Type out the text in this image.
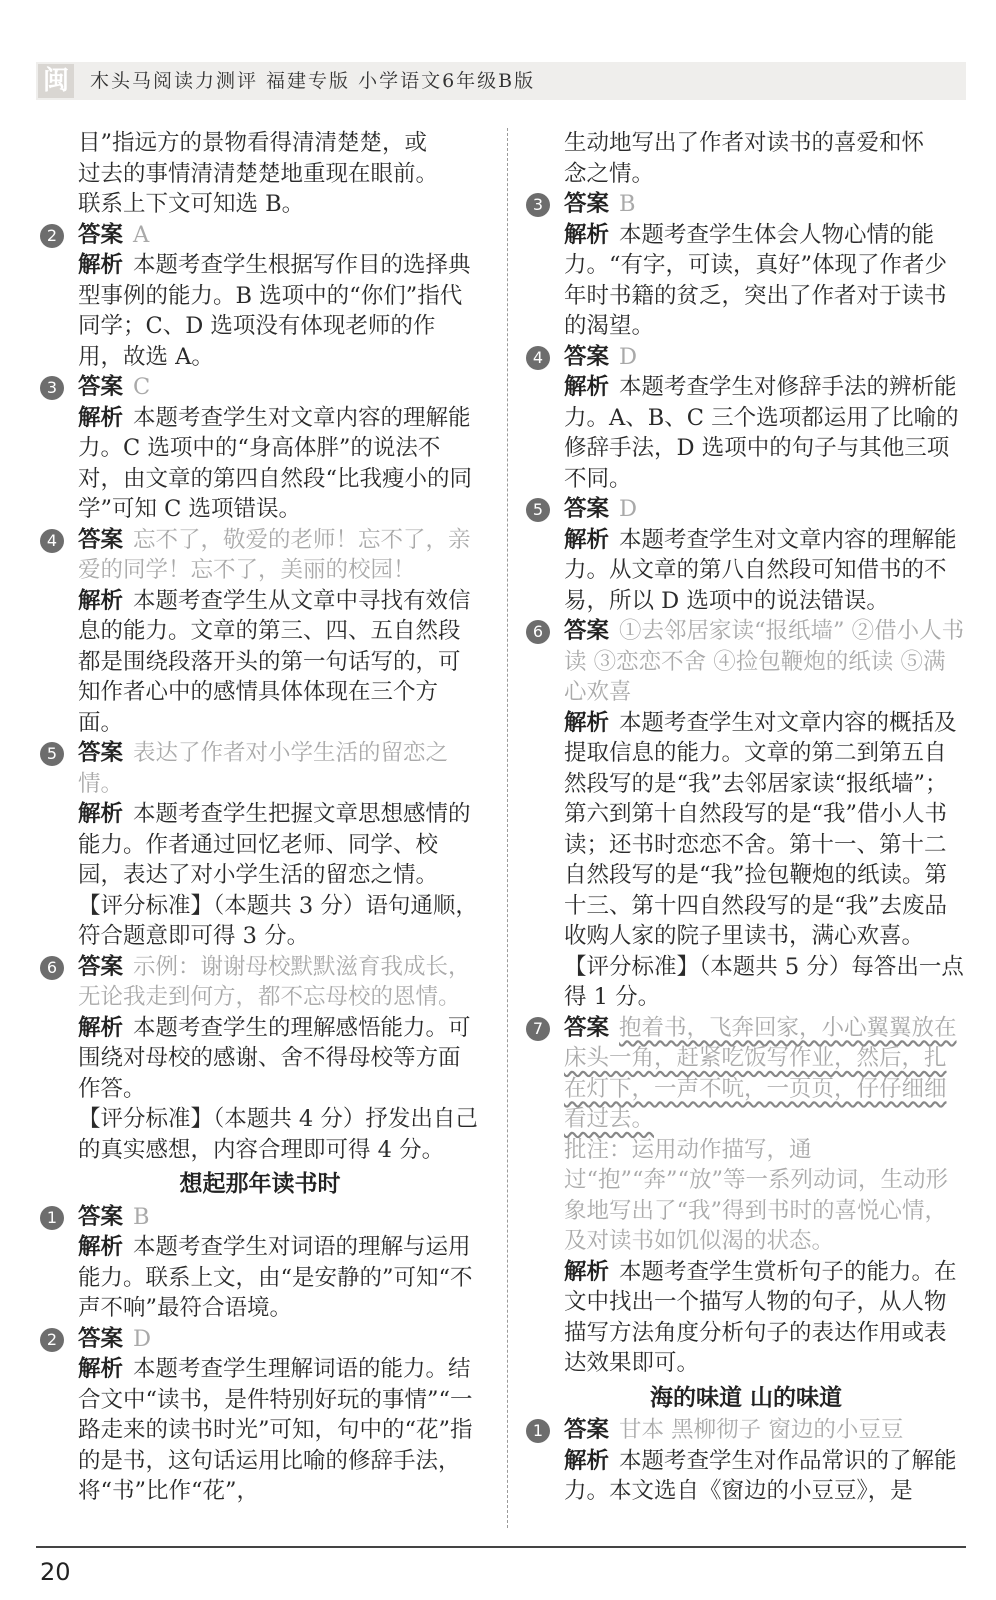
闽 木头马阅读力测评 福建专版 小学语文6年级B版
目”指远方的景物看得清清楚楚，或
过去的事情清清楚楚地重现在眼前。
联系上下文可知选 B。
2 答案 A
解析 本题考查学生根据写作目的选择典型事例的能力。B 选项中的“你们”指代同学；C、D 选项没有体现老师的作用，故选 A。
3 答案 C
解析 本题考查学生对文章内容的理解能力。C 选项中的“身高体胖”的说法不对，由文章的第四自然段“比我瘦小的同学”可知 C 选项错误。
4 答案 忘不了，敬爱的老师！忘不了，亲爱的同学！忘不了，美丽的校园！
解析 本题考查学生从文章中寻找有效信息的能力。文章的第三、四、五自然段都是围绕段落开头的第一句话写的，可知作者心中的感情具体体现在三个方面。
5 答案 表达了作者对小学生活的留恋之情。
解析 本题考查学生把握文章思想感情的能力。作者通过回忆老师、同学、校园，表达了对小学生活的留恋之情。
【评分标准】（本题共 3 分）语句通顺，符合题意即可得 3 分。
6 答案 示例：谢谢母校默默滋育我成长，无论我走到何方，都不忘母校的恩情。
解析 本题考查学生的理解感悟能力。可围绕对母校的感谢、舍不得母校等方面作答。
【评分标准】（本题共 4 分）抒发出自己的真实感想，内容合理即可得 4 分。
想起那年读书时
1 答案 B
解析 本题考查学生对词语的理解与运用能力。联系上文，由“是安静的”可知“不声不响”最符合语境。
2 答案 D
解析 本题考查学生理解词语的能力。结合文中“读书，是件特别好玩的事情”“一路走来的读书时光”可知，句中的“花”指的是书，这句话运用比喻的修辞手法，将“书”比作“花”，
生动地写出了作者对读书的喜爱和怀
念之情。
3 答案 B
解析 本题考查学生体会人物心情的能力。“有字，可读，真好”体现了作者少年时书籍的贫乏，突出了作者对于读书的渴望。
4 答案 D
解析 本题考查学生对修辞手法的辨析能力。A、B、C 三个选项都运用了比喻的修辞手法，D 选项中的句子与其他三项不同。
5 答案 D
解析 本题考查学生对文章内容的理解能力。从文章的第八自然段可知借书的不易，所以 D 选项中的说法错误。
6 答案 ①去邻居家读“报纸墙” ②借小人书读 ③恋恋不舍 ④捡包鞭炮的纸读 ⑤满心欢喜
解析 本题考查学生对文章内容的概括及提取信息的能力。文章的第二到第五自然段写的是“我”去邻居家读“报纸墙”；第六到第十自然段写的是“我”借小人书读；还书时恋恋不舍。第十一、第十二自然段写的是“我”捡包鞭炮的纸读。第十三、第十四自然段写的是“我”去废品收购人家的院子里读书，满心欢喜。
【评分标准】（本题共 5 分）每答出一点得 1 分。
7 答案 抱着书，飞奔回家，小心翼翼放在床头一角，赶紧吃饭写作业，然后，扎在灯下，一声不吭，一页页，仔仔细细看过去。
批注：运用动作描写，通过“抱”“奔”“放”等一系列动词，生动形象地写出了“我”得到书时的喜悦心情，及对读书如饥似渴的状态。
解析 本题考查学生赏析句子的能力。在文中找出一个描写人物的句子，从人物描写方法角度分析句子的表达作用或表达效果即可。
海的味道 山的味道
1 答案 甘本 黑柳彻子 窗边的小豆豆
解析 本题考查学生对作品常识的了解能力。本文选自《窗边的小豆豆》，是
20
